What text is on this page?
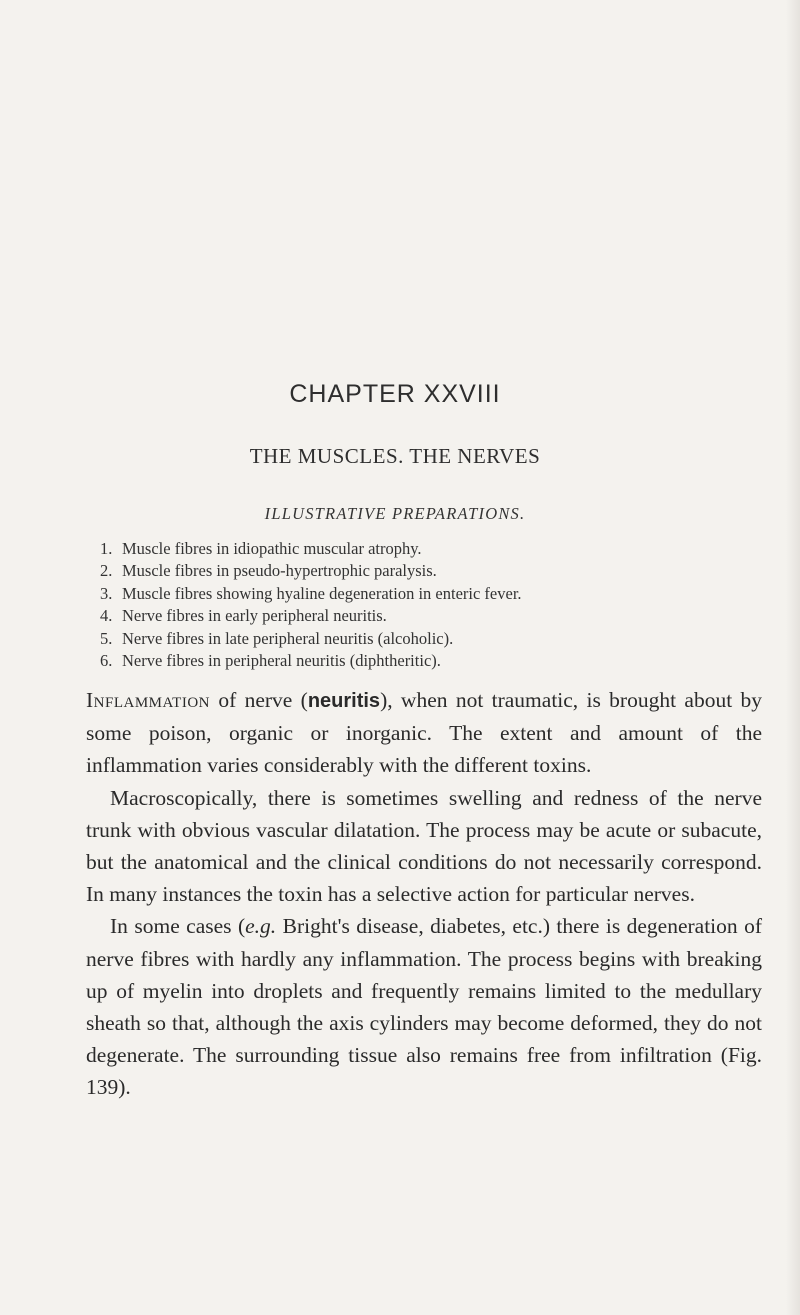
CHAPTER XXVIII
THE MUSCLES. THE NERVES
ILLUSTRATIVE PREPARATIONS.
1. Muscle fibres in idiopathic muscular atrophy.
2. Muscle fibres in pseudo-hypertrophic paralysis.
3. Muscle fibres showing hyaline degeneration in enteric fever.
4. Nerve fibres in early peripheral neuritis.
5. Nerve fibres in late peripheral neuritis (alcoholic).
6. Nerve fibres in peripheral neuritis (diphtheritic).

Inflammation of nerve (neuritis), when not traumatic, is brought about by some poison, organic or inorganic. The extent and amount of the inflammation varies considerably with the different toxins.

Macroscopically, there is sometimes swelling and redness of the nerve trunk with obvious vascular dilatation. The process may be acute or subacute, but the anatomical and the clinical conditions do not necessarily correspond. In many instances the toxin has a selective action for particular nerves.

In some cases (e.g. Bright's disease, diabetes, etc.) there is degeneration of nerve fibres with hardly any inflammation. The process begins with breaking up of myelin into droplets and frequently remains limited to the medullary sheath so that, although the axis cylinders may become deformed, they do not degenerate. The surrounding tissue also remains free from infiltration (Fig. 139).
